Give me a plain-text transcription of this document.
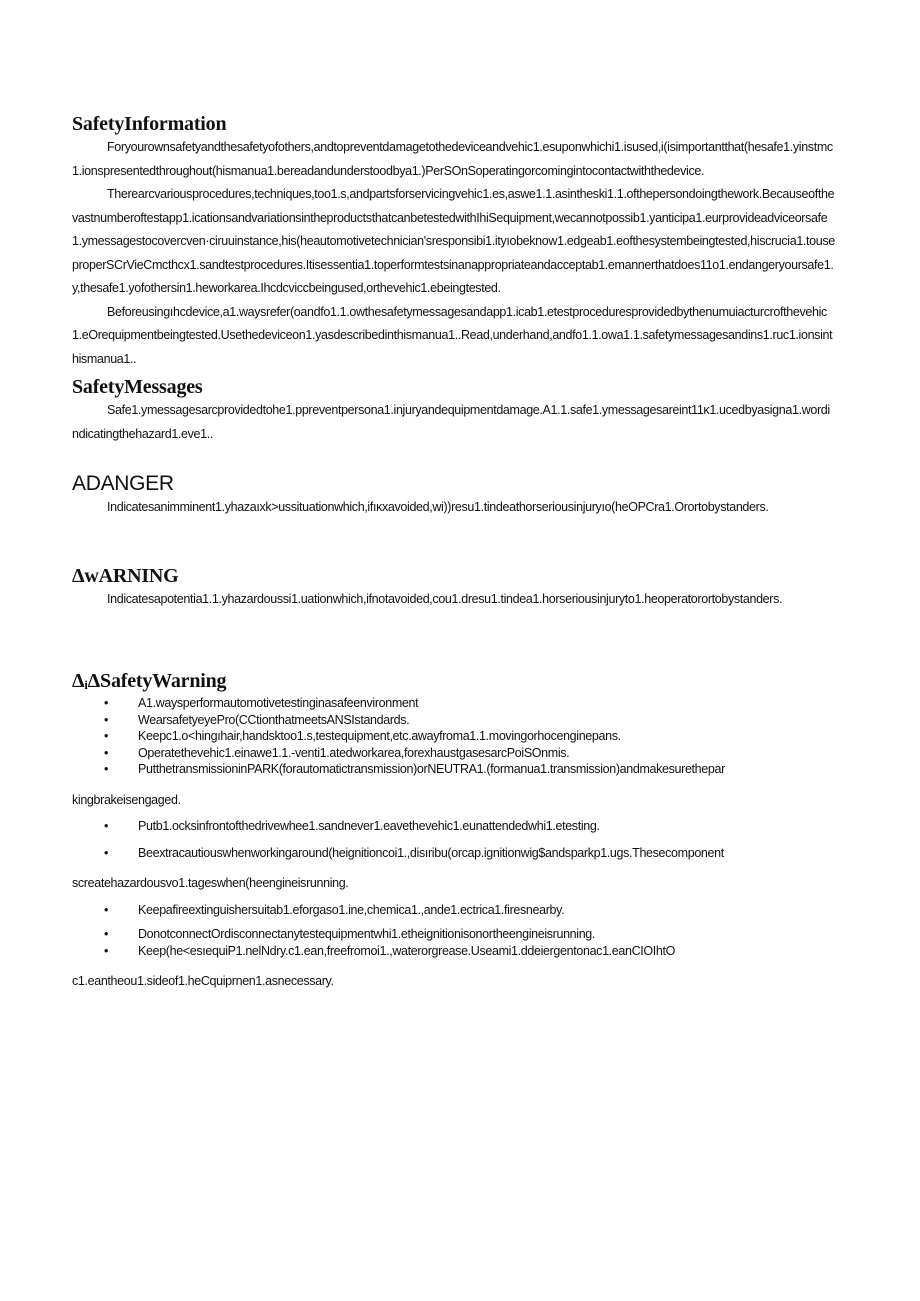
SafetyInformation

Foryourownsafetyandthesafetyofothers,andtopreventdamagetothedeviceandvehic1.esuponwhichi1.isused,i(isimportantthat(hesafe1.yinstmc1.ionspresentedthroughout(hismanua1.bereadandunderstoodbya1.)PerSOnSoperatingorcomingintocontactwiththedevice.

Therearcvariousprocedures,techniques,too1.s,andpartsforservicingvehic1.es,aswe1.1.asintheski1.1.ofthepersondoingthework.Becauseofthevastnumberoftestapp1.icationsandvariationsintheproductsthatcanbetestedwithIhiSequipment,wecannotpossib1.yanticipa1.eurprovideadviceorsafe1.ymessagestocovercven·ciruuinstance,his(heautomotivetechnician'sresponsibi1.ityıobeknow1.edgeab1.eofthesystembeingtested,hiscrucia1.touseproperSCrVieCmcthcx1.sandtestprocedures.Itisessentia1.toperformtestsinanappropriateandacceptab1.emannerthatdoes11o1.endangeryoursafe1.y,thesafe1.yofothersin1.heworkarea.Ihcdcviccbeingused,orthevehic1.ebeingtested.

Beforeusingıhcdevice,a1.waysrefer(oandfo1.1.owthesafetymessagesandapp1.icab1.etestproceduresprovidedbythenumuiacturcrofthevehic1.eOrequipmentbeingtested.Usethedeviceon1.yasdescribedinthismanua1..Read,underhand,andfo1.1.owa1.1.safetymessagesandins1.ruc1.ionsinthismanua1..

SafetyMessages

Safe1.ymessagesarcprovidedtohe1.ppreventpersona1.injuryandequipmentdamage.A1.1.safe1.ymessagesareint11κ1.ucedbyasigna1.wordindicatingthehazard1.eve1..

ADANGER

Indicatesanimminent1.yhazaıxk>ussituationwhich,ifıκxavoided,wi))resu1.tindeathorseriousinjuryıo(heOPCra1.Orortobystanders.

ΔwARNING

Indicatesapotentia1.1.yhazardoussi1.uationwhich,ifnotavoided,cou1.dresu1.tindea1.horseriousinjuryto1.heoperatorortobystanders.

ΔᵢΔSafetyWarning
• A1.waysperformautomotivetestinginasafeenvironment
• WearsafetyeyePro(CCtionthatmeetsANSIstandards.
• Keepc1.o<hingıhair,handsktoo1.s,testequipment,etc.awayfroma1.1.movingorhocenginepans.
• Operatethevehic1.einawe1.1.-venti1.atedworkarea,forexhaustgasesarcPoiSOnmis.
• PutthetransmissioninPARK(forautomatictransmission)orNEUTRA1.(formanua1.transmission)andmakesurethepar
kingbrakeisengaged.
• Putb1.ocksinfrontofthedrivewhee1.sandnever1.eavethevehic1.eunattendedwhi1.etesting.
• Beextracautiouswhenworkingaround(heignitioncoi1.,disıribu(orcap.ignitionwig$andsparkp1.ugs.Thesecomponent
screatehazardousvo1.tageswhen(heengineisrunning.
• Keepafireextinguishersuitab1.eforgaso1.ine,chemica1.,ande1.ectrica1.firesnearby.
• DonotconnectOrdisconnectanytestequipmentwhi1.etheignitionisonortheengineisrunning.
• Keep(he<esıequiP1.nelNdry.c1.ean,freefromoi1.,waterorgrease.Useami1.ddeiergentonac1.eanCIOIhtO
c1.eantheou1.sideof1.heCquiprnen1.asnecessary.
